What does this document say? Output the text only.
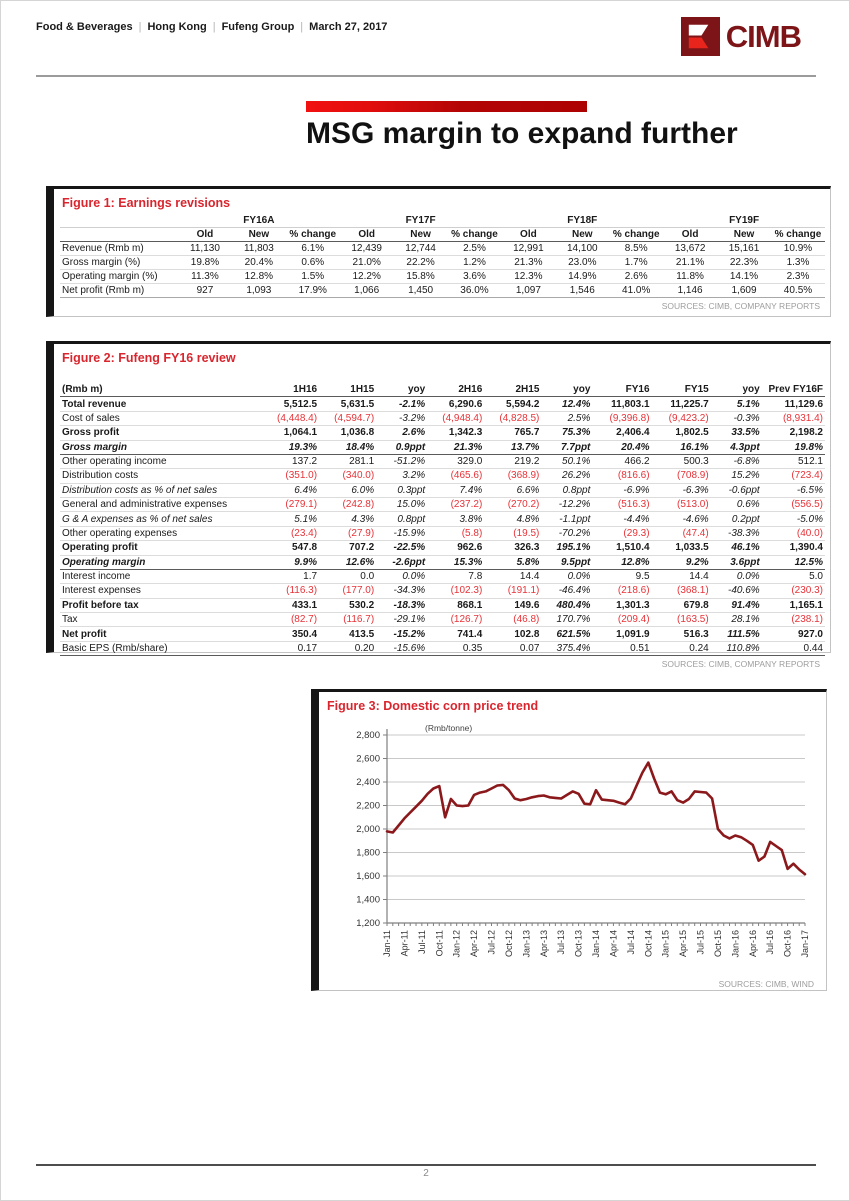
Food & Beverages | Hong Kong | Fufeng Group | March 27, 2017	CIMB
MSG margin to expand further
Figure 1: Earnings revisions
	FY16A			FY17F			FY18F			FY19F		
	Old	New	% change	Old	New	% change	Old	New	% change	Old	New	% change
Revenue (Rmb m)	11,130	11,803	6.1%	12,439	12,744	2.5%	12,991	14,100	8.5%	13,672	15,161	10.9%
Gross margin (%)	19.8%	20.4%	0.6%	21.0%	22.2%	1.2%	21.3%	23.0%	1.7%	21.1%	22.3%	1.3%
Operating margin (%)	11.3%	12.8%	1.5%	12.2%	15.8%	3.6%	12.3%	14.9%	2.6%	11.8%	14.1%	2.3%
Net profit (Rmb m)	927	1,093	17.9%	1,066	1,450	36.0%	1,097	1,546	41.0%	1,146	1,609	40.5%
SOURCES: CIMB, COMPANY REPORTS
Figure 2: Fufeng FY16 review
(Rmb m)	1H16	1H15	yoy	2H16	2H15	yoy	FY16	FY15	yoy	Prev FY16F
Total revenue	5,512.5	5,631.5	-2.1%	6,290.6	5,594.2	12.4%	11,803.1	11,225.7	5.1%	11,129.6
Cost of sales	(4,448.4)	(4,594.7)	-3.2%	(4,948.4)	(4,828.5)	2.5%	(9,396.8)	(9,423.2)	-0.3%	(8,931.4)
Gross profit	1,064.1	1,036.8	2.6%	1,342.3	765.7	75.3%	2,406.4	1,802.5	33.5%	2,198.2
Gross margin	19.3%	18.4%	0.9ppt	21.3%	13.7%	7.7ppt	20.4%	16.1%	4.3ppt	19.8%
Other operating income	137.2	281.1	-51.2%	329.0	219.2	50.1%	466.2	500.3	-6.8%	512.1
Distribution costs	(351.0)	(340.0)	3.2%	(465.6)	(368.9)	26.2%	(816.6)	(708.9)	15.2%	(723.4)
Distribution costs as % of net sales	6.4%	6.0%	0.3ppt	7.4%	6.6%	0.8ppt	-6.9%	-6.3%	-0.6ppt	-6.5%
General and administrative expenses	(279.1)	(242.8)	15.0%	(237.2)	(270.2)	-12.2%	(516.3)	(513.0)	0.6%	(556.5)
G & A expenses as % of net sales	5.1%	4.3%	0.8ppt	3.8%	4.8%	-1.1ppt	-4.4%	-4.6%	0.2ppt	-5.0%
Other operating expenses	(23.4)	(27.9)	-15.9%	(5.8)	(19.5)	-70.2%	(29.3)	(47.4)	-38.3%	(40.0)
Operating profit	547.8	707.2	-22.5%	962.6	326.3	195.1%	1,510.4	1,033.5	46.1%	1,390.4
Operating margin	9.9%	12.6%	-2.6ppt	15.3%	5.8%	9.5ppt	12.8%	9.2%	3.6ppt	12.5%
Interest income	1.7	0.0	0.0%	7.8	14.4	0.0%	9.5	14.4	0.0%	5.0
Interest expenses	(116.3)	(177.0)	-34.3%	(102.3)	(191.1)	-46.4%	(218.6)	(368.1)	-40.6%	(230.3)
Profit before tax	433.1	530.2	-18.3%	868.1	149.6	480.4%	1,301.3	679.8	91.4%	1,165.1
Tax	(82.7)	(116.7)	-29.1%	(126.7)	(46.8)	170.7%	(209.4)	(163.5)	28.1%	(238.1)
Net profit	350.4	413.5	-15.2%	741.4	102.8	621.5%	1,091.9	516.3	111.5%	927.0
Basic EPS (Rmb/share)	0.17	0.20	-15.6%	0.35	0.07	375.4%	0.51	0.24	110.8%	0.44
SOURCES: CIMB, COMPANY REPORTS
Figure 3: Domestic corn price trend
1,200
1,400
1,600
1,800
2,000
2,200
2,400
2,600
2,800
(Rmb/tonne)
Jan-11 Apr-11 Jul-11 Oct-11 Jan-12 Apr-12 Jul-12 Oct-12 Jan-13 Apr-13 Jul-13 Oct-13 Jan-14 Apr-14 Jul-14 Oct-14 Jan-15 Apr-15 Jul-15 Oct-15 Jan-16 Apr-16 Jul-16 Oct-16 Jan-17
SOURCES: CIMB, WIND
2
